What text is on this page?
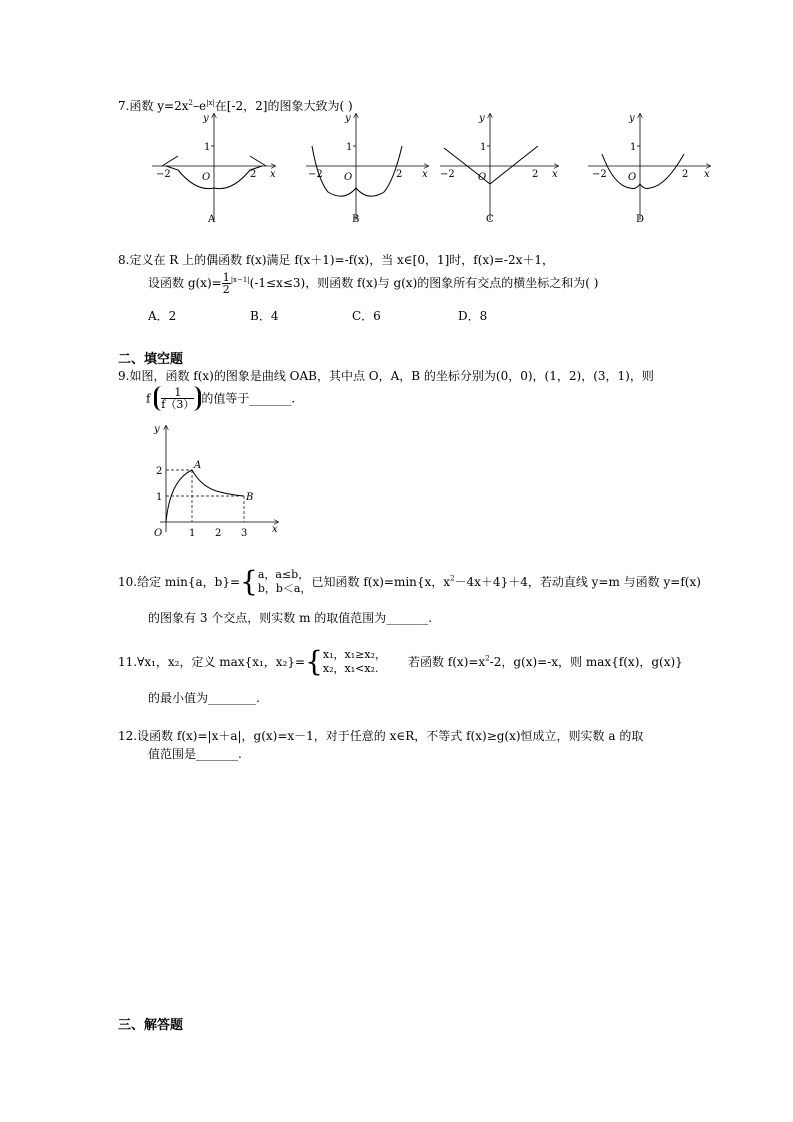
7.函数 $y=2x^2-e^{|x|}$在[-2，2]的图象大致为( )
1
y
x
O
−2	2
A
1
y
x
O
−2	2
B
1
y
x
O
−2	2
C
1
y
x
O
−2	2
D
8.定义在 R 上的偶函数 f(x)满足 f(x＋1)=-f(x)，当 x∈[0，1]时，f(x)=-2x＋1，
设函数 $g(x)= \frac{1}{2} ^{|x-1|}(-1\le x\le 3)$，则函数 f(x)与 g(x)的图象所有交点的横坐标之和为( )
A．2	B．4	C．6	D．8
二、填空题
9.如图，函数 f(x)的图象是曲线 OAB，其中点 O，A，B 的坐标分别为(0，0)，(1，2)，(3，1)，则
f $\frac{1}{f(3)}$ 的值等于_______.
y
x
O
A
B
2
1
1 2 3
10.给定 min{a，b}={ a，a≤b，
b，b＜a， 已知函数 f(x)=min{x，$x^2-4x+4\}+4$，若动直线 y=m 与函数 y=f(x)
的图象有 3 个交点，则实数 m 的取值范围为_______.
11.∀x₁，x₂，定义 max{x₁，x₂}={ x₁，x₁≥x₂，
x₂，x₁<x₂.	若函数 $f(x)=x^2-2$，g(x)=-x，则 max{f(x)，g(x)}
的最小值为________.
12.设函数 f(x)=|x＋a|，g(x)=x－1，对于任意的 x∈R，不等式 f(x)≥g(x)恒成立，则实数 a 的取
值范围是_______.
三、解答题
